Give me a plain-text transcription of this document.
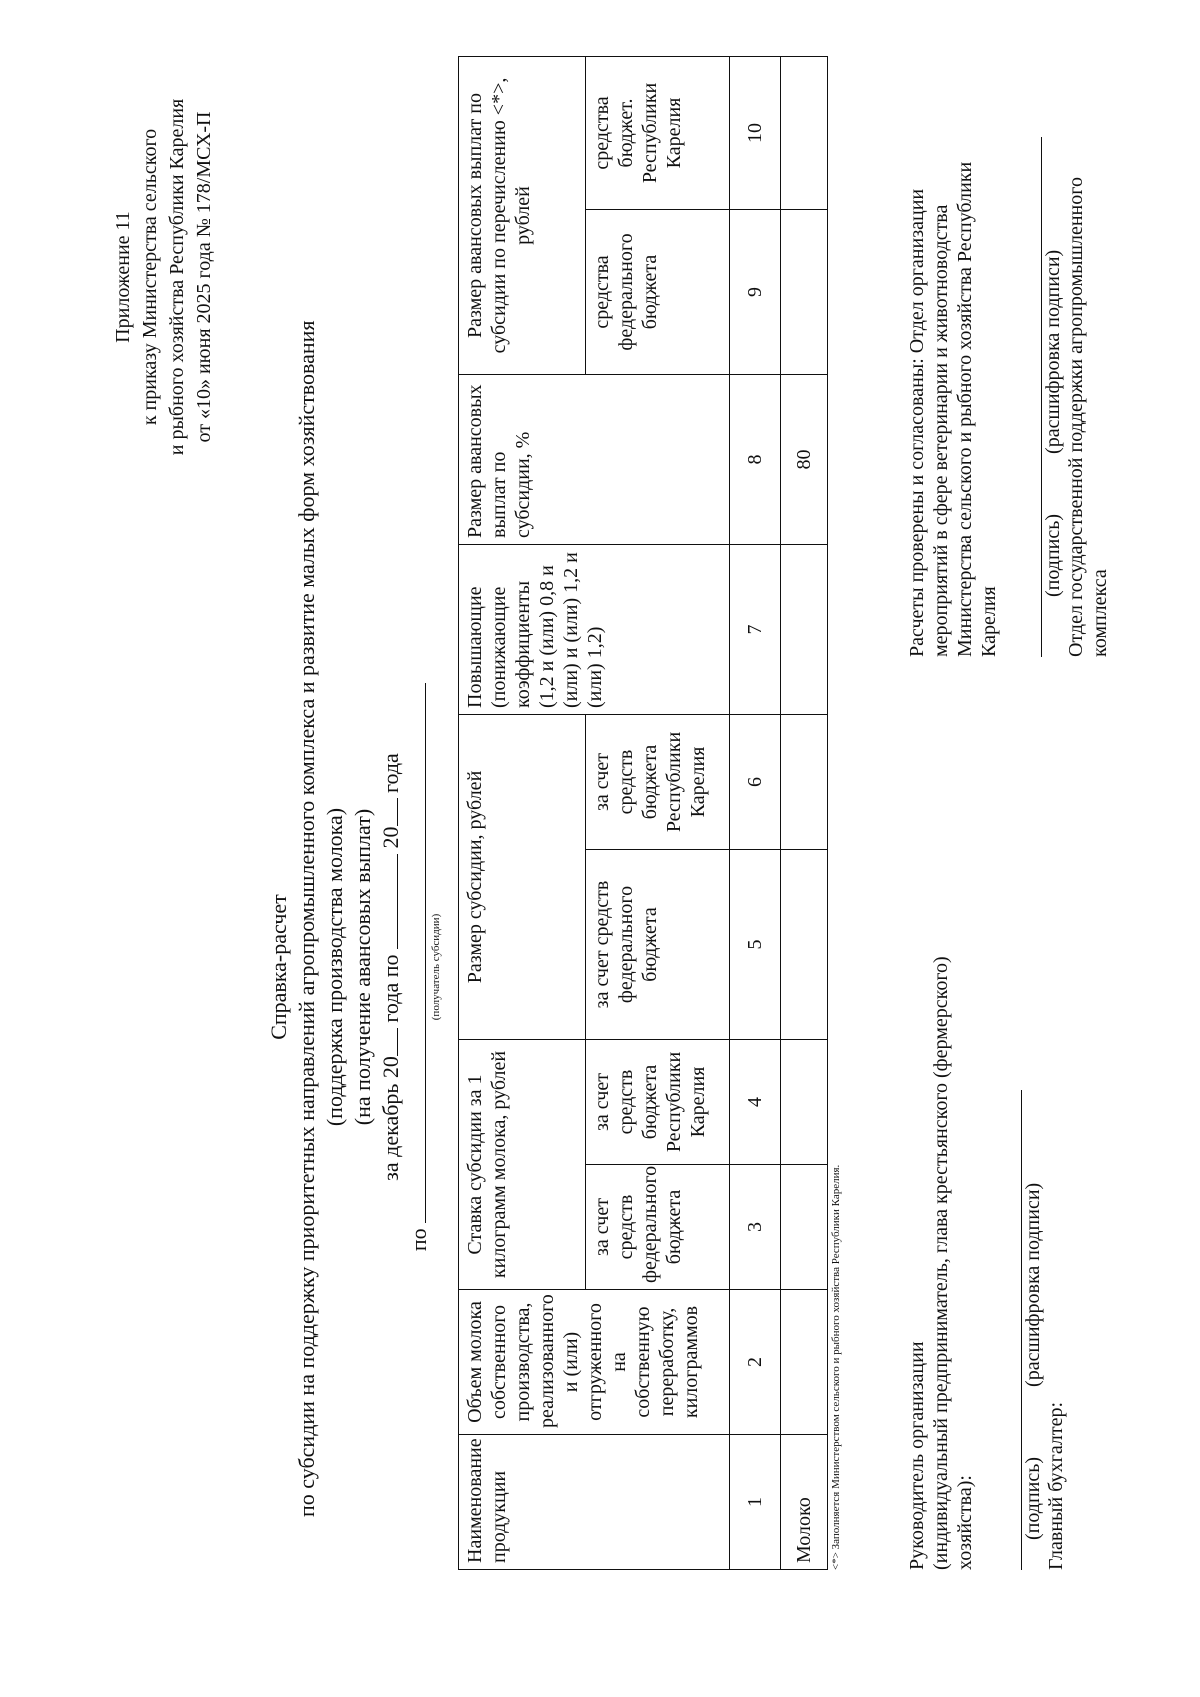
Приложение 11 к приказу Министерства сельского и рыбного хозяйства Республики Карелия от «10» июня 2025 года № 178/МСХ-П
Справка-расчет по субсидии на поддержку приоритетных направлений агропромышленного комплекса и развитие малых форм хозяйствования (поддержка производства молока) (на получение авансовых выплат) за декабрь 20 года по  20 года
по
(получатель субсидии)
Наименование продукции	Объем молока собственного производства, реализованного и (или) отгруженного на собственную переработку, килограммов	Ставка субсидии за 1 килограмм молока, рублей		Размер субсидии, рублей		Повышающие (понижающие коэффициенты (1,2 и (или) 0,8 и (или) и (или) 1,2 и (или) 1,2)	Размер авансовых выплат по субсидии, %	Размер авансовых выплат по субсидии по перечислению <*>, рублей	
		за счет средств федерального бюджета	за счет средств бюджета Республики Карелия	за счет средств федерального бюджета	за счет средств бюджета Республики Карелия			средства федерального бюджета	средства бюджет. Республики Карелия
1	2	3	4	5	6	7	8	9	10
Молоко							80		
<*> Заполняется Министерством сельского и рыбного хозяйства Республики Карелия.	Руководитель организации (индивидуальный предприниматель, глава крестьянского (фермерского) хозяйства): (подпись)
(расшифровка подписи)
Главный бухгалтер:
Расчеты проверены и согласованы: Отдел организации мероприятий в сфере ветеринарии и животноводства Министерства сельского и рыбного хозяйства Республики Карелия
(подпись)
(расшифровка подписи) Отдел государственной поддержки агропромышленного комплекса
